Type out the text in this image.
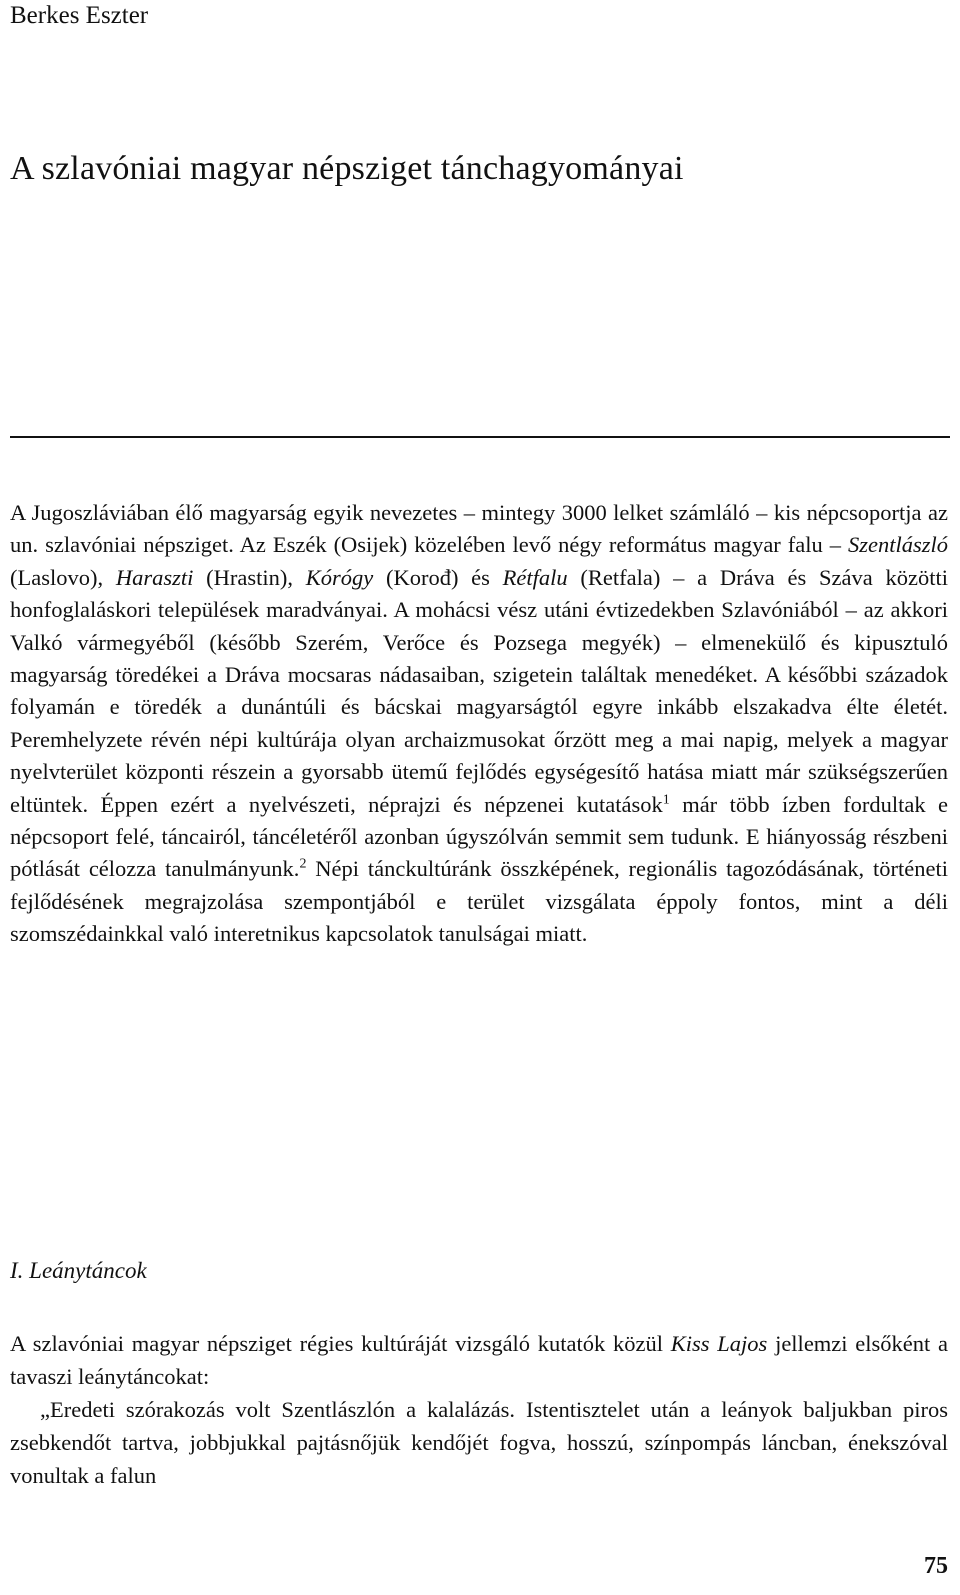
Berkes Eszter
A szlavóniai magyar népsziget tánchagyományai

A Jugoszláviában élő magyarság egyik nevezetes – mintegy 3000 lelket számláló – kis népcsoportja az un. szlavóniai népsziget. Az Eszék (Osijek) közelében levő négy református magyar falu – Szentlászló (Laslovo), Haraszti (Hrastin), Kórógy (Korođ) és Rétfalu (Retfala) – a Dráva és Száva közötti honfoglaláskori települések maradványai. A mohácsi vész utáni évtizedekben Szlavóniából – az akkori Valkó vármegyéből (később Szerém, Verőce és Pozsega megyék) – elmenekülő és kipusztuló magyarság töredékei a Dráva mocsaras nádasaiban, szigetein találtak menedéket. A későbbi századok folyamán e töredék a dunántúli és bácskai magyarságtól egyre inkább elszakadva élte életét. Peremhelyzete révén népi kultúrája olyan archaizmusokat őrzött meg a mai napig, melyek a magyar nyelvterület központi részein a gyorsabb ütemű fejlődés egységesítő hatása miatt már szükségszerűen eltüntek. Éppen ezért a nyelvészeti, néprajzi és népzenei kutatások$^1$ már több ízben fordultak e népcsoport felé, táncairól, táncéletéről azonban úgyszólván semmit sem tudunk. E hiányosság részbeni pótlását célozza tanulmányunk.$^2$ Népi tánckultúránk összképének, regionális tagozódásának, történeti fejlődésének megrajzolása szempontjából e terület vizsgálata éppoly fontos, mint a déli szomszédainkkal való interetnikus kapcsolatok tanulságai miatt.

I. Leánytáncok

A szlavóniai magyar népsziget régies kultúráját vizsgáló kutatók közül Kiss Lajos jellemzi elsőként a tavaszi leánytáncokat:

„Eredeti szórakozás volt Szentlászlón a kalalázás. Istentisztelet után a leányok baljukban piros zsebkendőt tartva, jobbjukkal pajtásnőjük kendőjét fogva, hosszú, színpompás láncban, énekszóval vonultak a falun

75
